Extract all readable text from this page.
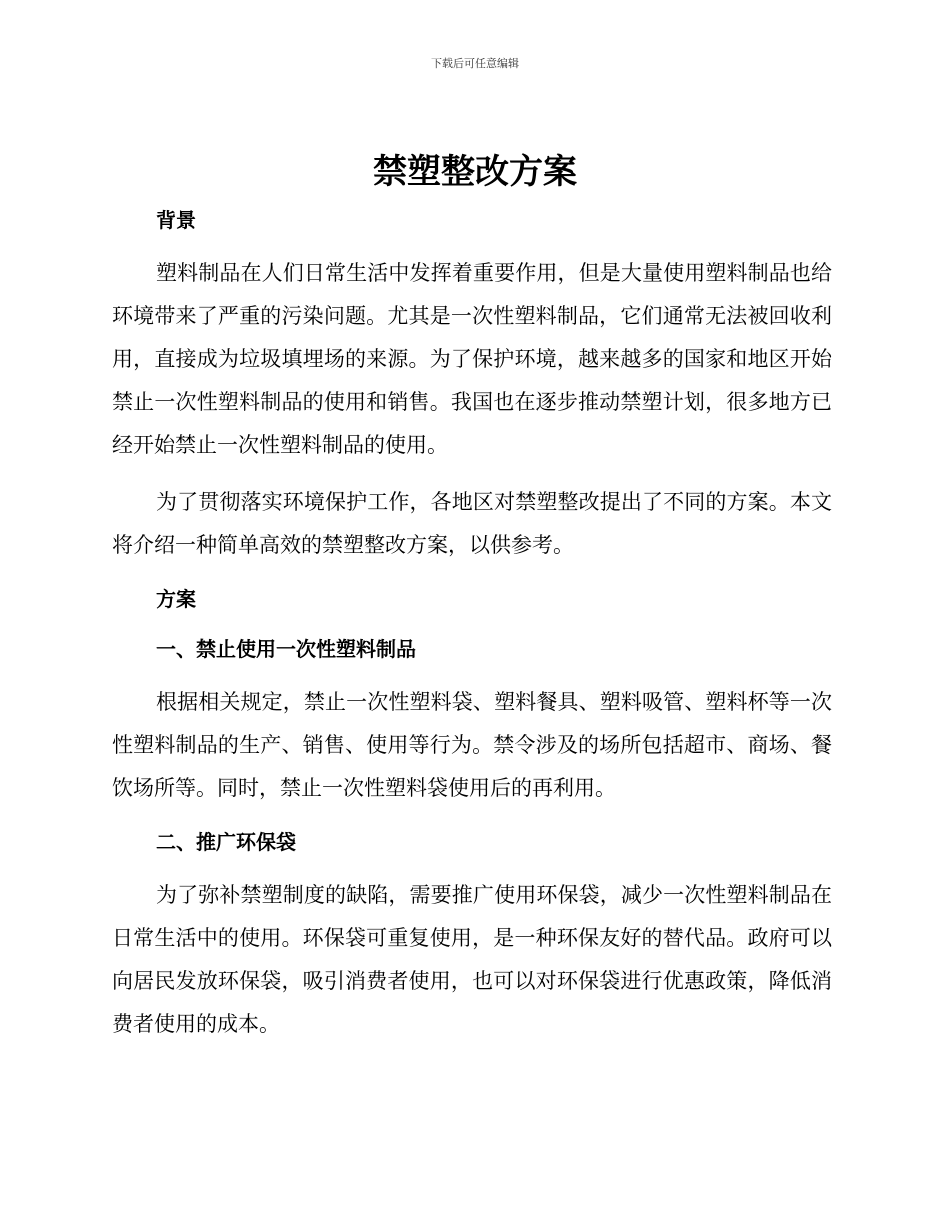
下载后可任意编辑
禁塑整改方案

背景

塑料制品在人们日常生活中发挥着重要作用，但是大量使用塑料制品也给环境带来了严重的污染问题。尤其是一次性塑料制品，它们通常无法被回收利用，直接成为垃圾填埋场的来源。为了保护环境，越来越多的国家和地区开始禁止一次性塑料制品的使用和销售。我国也在逐步推动禁塑计划，很多地方已经开始禁止一次性塑料制品的使用。

为了贯彻落实环境保护工作，各地区对禁塑整改提出了不同的方案。本文将介绍一种简单高效的禁塑整改方案，以供参考。

方案

一、禁止使用一次性塑料制品

根据相关规定，禁止一次性塑料袋、塑料餐具、塑料吸管、塑料杯等一次性塑料制品的生产、销售、使用等行为。禁令涉及的场所包括超市、商场、餐饮场所等。同时，禁止一次性塑料袋使用后的再利用。

二、推广环保袋

为了弥补禁塑制度的缺陷，需要推广使用环保袋，减少一次性塑料制品在日常生活中的使用。环保袋可重复使用，是一种环保友好的替代品。政府可以向居民发放环保袋，吸引消费者使用，也可以对环保袋进行优惠政策，降低消费者使用的成本。
